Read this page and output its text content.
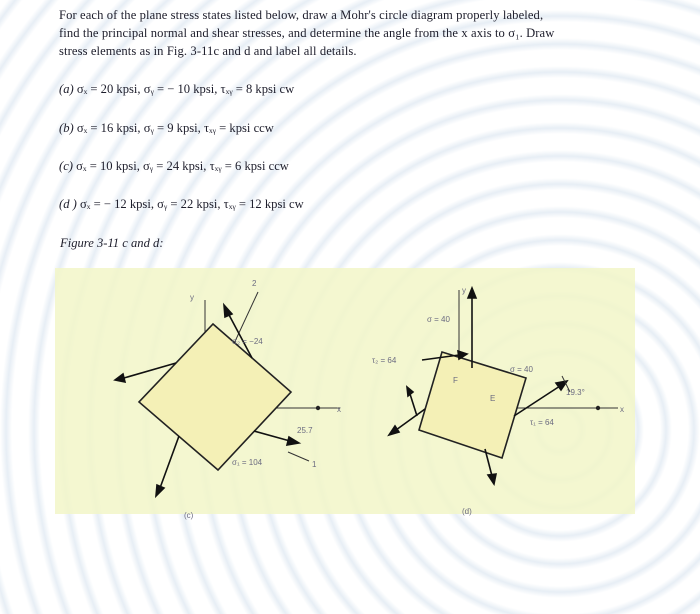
For each of the plane stress states listed below, draw a Mohr's circle diagram properly labeled,
find the principal normal and shear stresses, and determine the angle from the x axis to σ₁. Draw
stress elements as in Fig. 3-11c and d and label all details.
(a) σₓ = 20 kpsi, σᵧ = − 10 kpsi, τₓᵧ = 8 kpsi cw
(b) σₓ = 16 kpsi, σᵧ = 9 kpsi, τₓᵧ = kpsi ccw
(c) σₓ = 10 kpsi, σᵧ = 24 kpsi, τₓᵧ = 6 kpsi ccw
(d ) σₓ = − 12 kpsi, σᵧ = 22 kpsi, τₓᵧ = 12 kpsi cw
Figure 3-11 c and d:
y
2
σ₂ = −24
25.7
x
σ₁ = 104	1
(c)
y
σ = 40
τ₂ = 64
F
E
σ = 40
19.3°
τ₁ = 64
x
(d)
